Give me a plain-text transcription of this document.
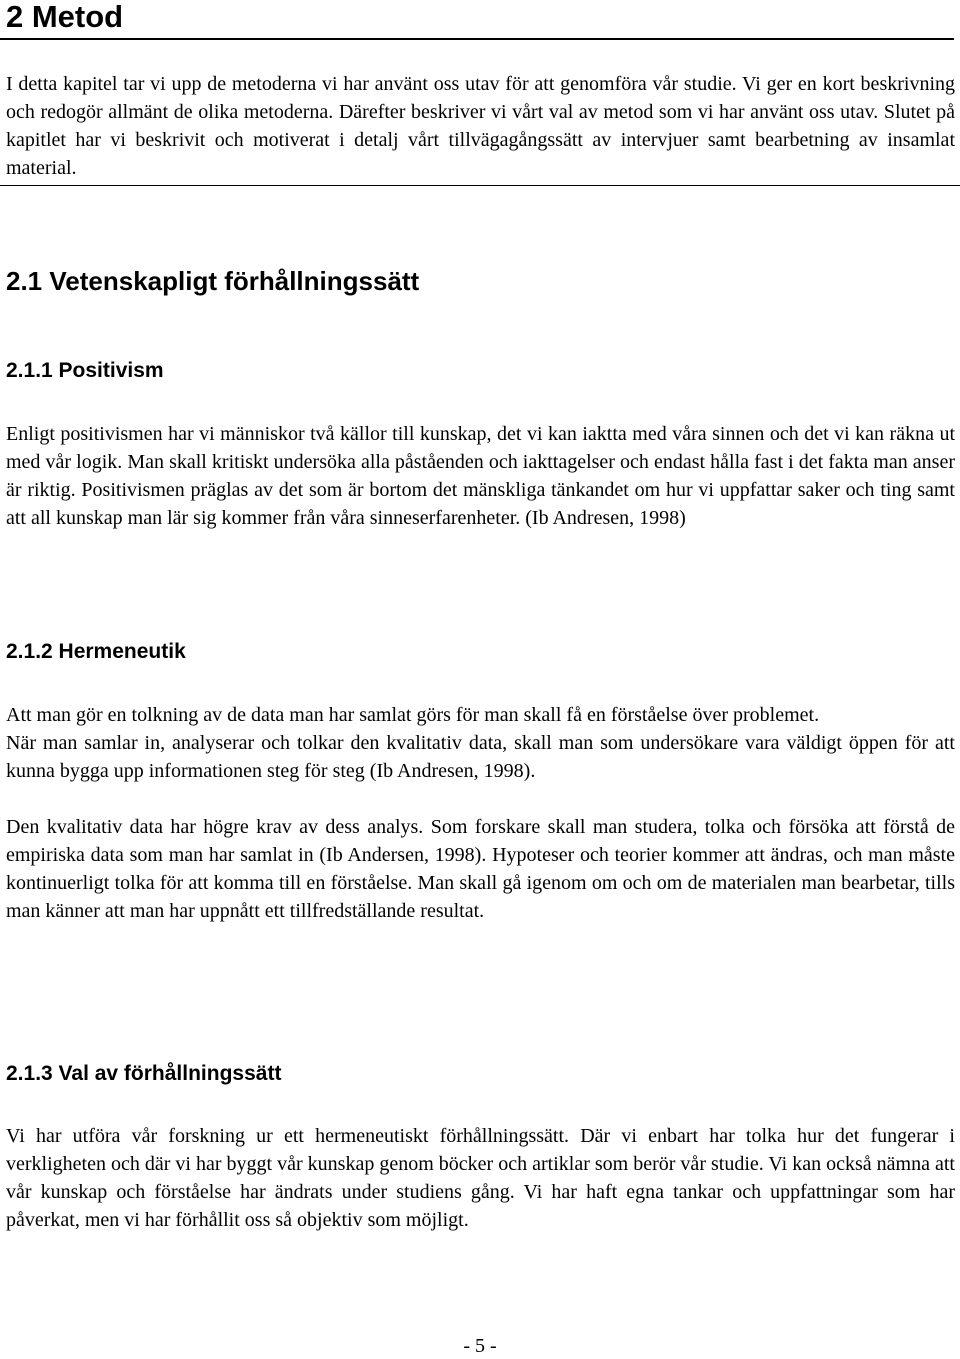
2 Metod

I detta kapitel tar vi upp de metoderna vi har använt oss utav för att genomföra vår studie. Vi ger en kort beskrivning och redogör allmänt de olika metoderna. Därefter beskriver vi vårt val av metod som vi har använt oss utav. Slutet på kapitlet har vi beskrivit och motiverat i detalj vårt tillvägagångssätt av intervjuer samt bearbetning av insamlat material.

2.1 Vetenskapligt förhållningssätt
2.1.1 Positivism

Enligt positivismen har vi människor två källor till kunskap, det vi kan iaktta med våra sinnen och det vi kan räkna ut med vår logik. Man skall kritiskt undersöka alla påståenden och iakttagelser och endast hålla fast i det fakta man anser är riktig. Positivismen präglas av det som är bortom det mänskliga tänkandet om hur vi uppfattar saker och ting samt att all kunskap man lär sig kommer från våra sinneserfarenheter. (Ib Andresen, 1998)

2.1.2 Hermeneutik

Att man gör en tolkning av de data man har samlat görs för man skall få en förståelse över problemet.

När man samlar in, analyserar och tolkar den kvalitativ data, skall man som undersökare vara väldigt öppen för att kunna bygga upp informationen steg för steg (Ib Andresen, 1998).

Den kvalitativ data har högre krav av dess analys. Som forskare skall man studera, tolka och försöka att förstå de empiriska data som man har samlat in (Ib Andersen, 1998). Hypoteser och teorier kommer att ändras, och man måste kontinuerligt tolka för att komma till en förståelse. Man skall gå igenom om och om de materialen man bearbetar, tills man känner att man har uppnått ett tillfredställande resultat.

2.1.3 Val av förhållningssätt

Vi har utföra vår forskning ur ett hermeneutiskt förhållningssätt. Där vi enbart har tolka hur det fungerar i verkligheten och där vi har byggt vår kunskap genom böcker och artiklar som berör vår studie. Vi kan också nämna att vår kunskap och förståelse har ändrats under studiens gång. Vi har haft egna tankar och uppfattningar som har påverkat, men vi har förhållit oss så objektiv som möjligt.

- 5 -
